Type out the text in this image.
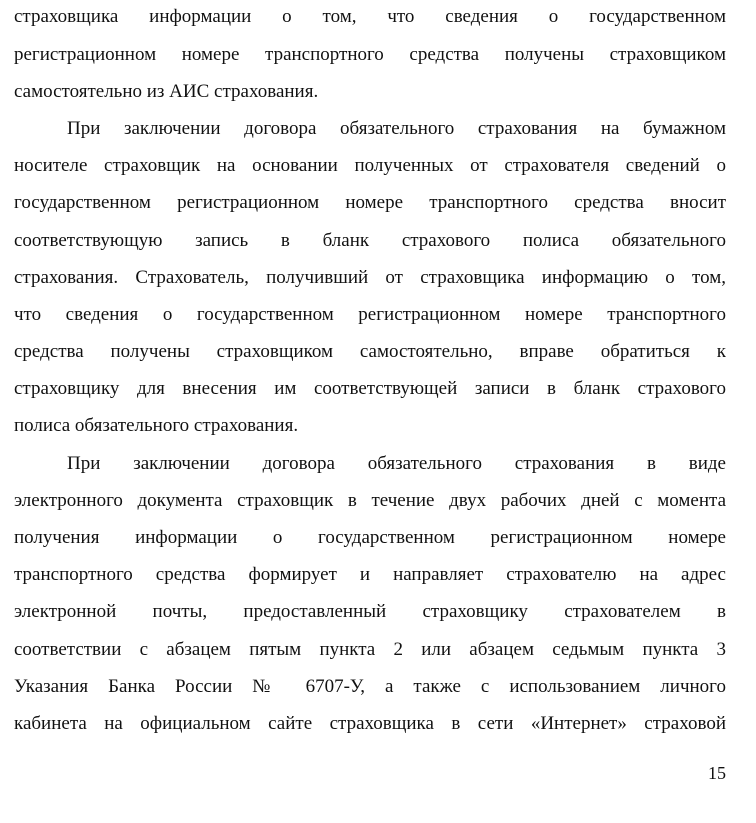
страховщика информации о том, что сведения о государственном
регистрационном номере транспортного средства получены страховщиком
самостоятельно из АИС страхования.
При заключении договора обязательного страхования на бумажном
носителе страховщик на основании полученных от страхователя сведений о
государственном регистрационном номере транспортного средства вносит
соответствующую запись в бланк страхового полиса обязательного
страхования. Страхователь, получивший от страховщика информацию о том,
что сведения о государственном регистрационном номере транспортного
средства получены страховщиком самостоятельно, вправе обратиться к
страховщику для внесения им соответствующей записи в бланк страхового
полиса обязательного страхования.
При заключении договора обязательного страхования в виде
электронного документа страховщик в течение двух рабочих дней с момента
получения информации о государственном регистрационном номере
транспортного средства формирует и направляет страхователю на адрес
электронной почты, предоставленный страховщику страхователем в
соответствии с абзацем пятым пункта 2 или абзацем седьмым пункта 3
Указания Банка России № 6707-У, а также с использованием личного
кабинета на официальном сайте страховщика в сети «Интернет» страховой
15
